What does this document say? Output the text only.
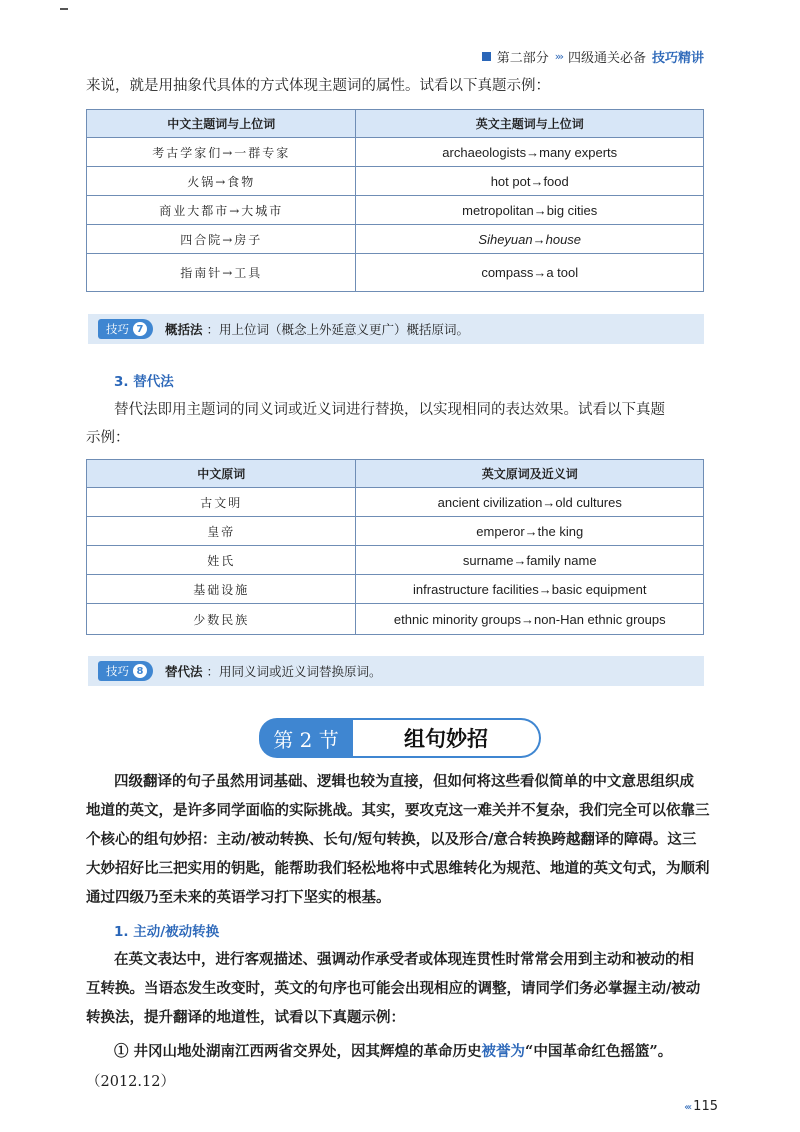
第二部分 ››› 四级通关必备 技巧精讲
来说，就是用抽象代具体的方式体现主题词的属性。试看以下真题示例：
中文主题词与上位词	英文主题词与上位词
考古学家们→一群专家	archaeologists→many experts
火锅→食物	hot pot→food
商业大都市→大城市	metropolitan→big cities
四合院→房子	Siheyuan→house
指南针→工具	compass→a tool
技巧 7 概括法 ：用上位词（概念上外延意义更广）概括原词。
3. 替代法
替代法即用主题词的同义词或近义词进行替换，以实现相同的表达效果。试看以下真题
示例：
中文原词	英文原词及近义词
古文明	ancient civilization→old cultures
皇帝	emperor→the king
姓氏	surname→family name
基础设施	infrastructure facilities→basic equipment
少数民族	ethnic minority groups→non-Han ethnic groups
技巧 8 替代法 ：用同义词或近义词替换原词。
第 2 节	组句妙招
四级翻译的句子虽然用词基础、逻辑也较为直接，但如何将这些看似简单的中文意思组织成
地道的英文，是许多同学面临的实际挑战。其实，要攻克这一难关并不复杂，我们完全可以依靠三
个核心的组句妙招：主动/被动转换、长句/短句转换，以及形合/意合转换跨越翻译的障碍。这三
大妙招好比三把实用的钥匙，能帮助我们轻松地将中式思维转化为规范、地道的英文句式，为顺利
通过四级乃至未来的英语学习打下坚实的根基。
1. 主动/被动转换
在英文表达中，进行客观描述、强调动作承受者或体现连贯性时常常会用到主动和被动的相
互转换。当语态发生改变时，英文的句序也可能会出现相应的调整，请同学们务必掌握主动/被动
转换法，提升翻译的地道性，试看以下真题示例：
① 井冈山地处湖南江西两省交界处，因其辉煌的革命历史被誉为“中国革命红色摇篮”。
（2012.12）
‹‹‹ 115
